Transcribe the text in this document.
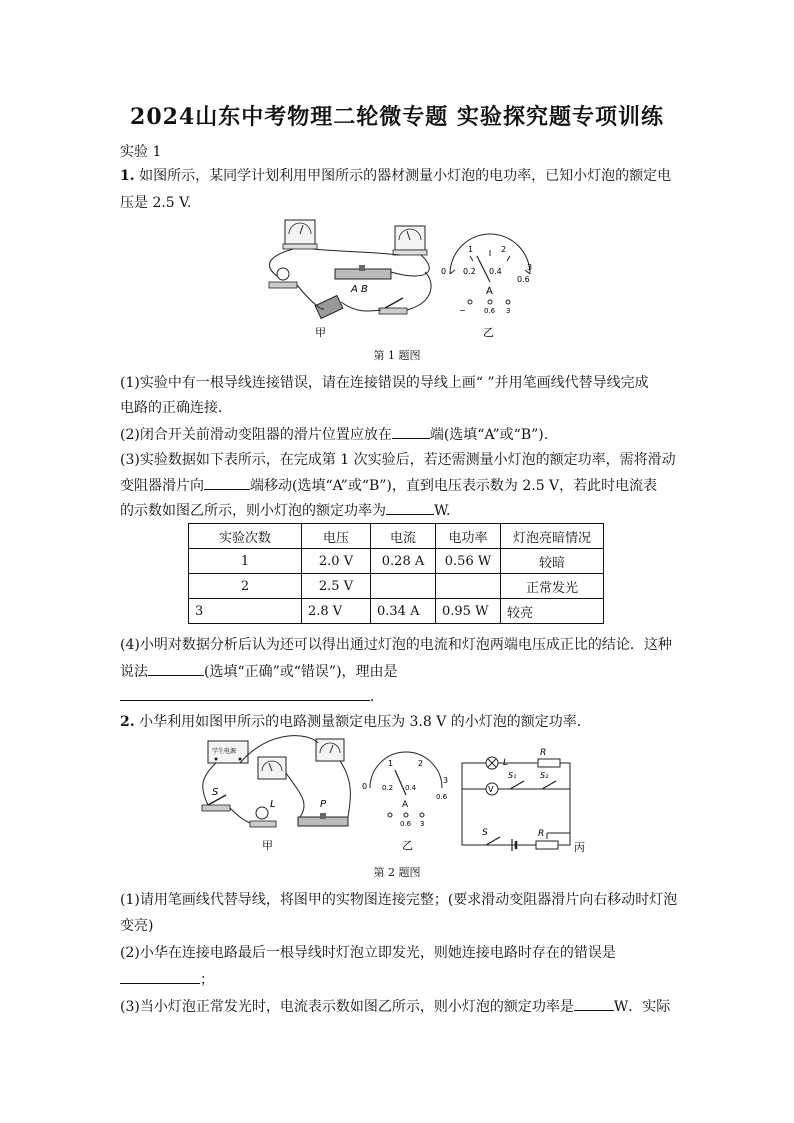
2024山东中考物理二轮微专题 实验探究题专项训练
实验 1
1. 如图所示，某同学计划利用甲图所示的器材测量小灯泡的电功率，已知小灯泡的额定电
压是 2.5 V.
A B
甲
0 0.2 0.4
0.6
1	2
3
A
−	0.6 3
乙
第 1 题图
(1)实验中有一根导线连接错误，请在连接错误的导线上画“ ”并用笔画线代替导线完成
电路的正确连接．
(2)闭合开关前滑动变阻器的滑片位置应放在	端(选填“A”或“B”).
(3)实验数据如下表所示，在完成第 1 次实验后，若还需测量小灯泡的额定功率，需将滑动
变阻器滑片向	端移动(选填“A”或“B”)，直到电压表示数为 2.5 V，若此时电流表
的示数如图乙所示，则小灯泡的额定功率为	W.
实验次数	电压	电流	电功率	灯泡亮暗情况
1	2.0 V	0.28 A	0.56 W	较暗
2	2.5 V			正常发光
3	2.8 V	0.34 A	0.95 W	较亮
(4)小明对数据分析后认为还可以得出通过灯泡的电流和灯泡两端电压成正比的结论．这种
说法	(选填“正确”或“错误”)，理由是
．
2. 小华利用如图甲所示的电路测量额定电压为 3.8 V 的小灯泡的额定功率．
学生电源
S
L	P
甲
0 0.2 0.4
0.6
1	2
3
A
0.6 3
乙
L
R
V
S₁	S₂
S	R
丙
第 2 题图
(1)请用笔画线代替导线，将图甲的实物图连接完整；(要求滑动变阻器滑片向右移动时灯泡
变亮)
(2)小华在连接电路最后一根导线时灯泡立即发光，则她连接电路时存在的错误是
；
(3)当小灯泡正常发光时，电流表示数如图乙所示，则小灯泡的额定功率是	W．实际
